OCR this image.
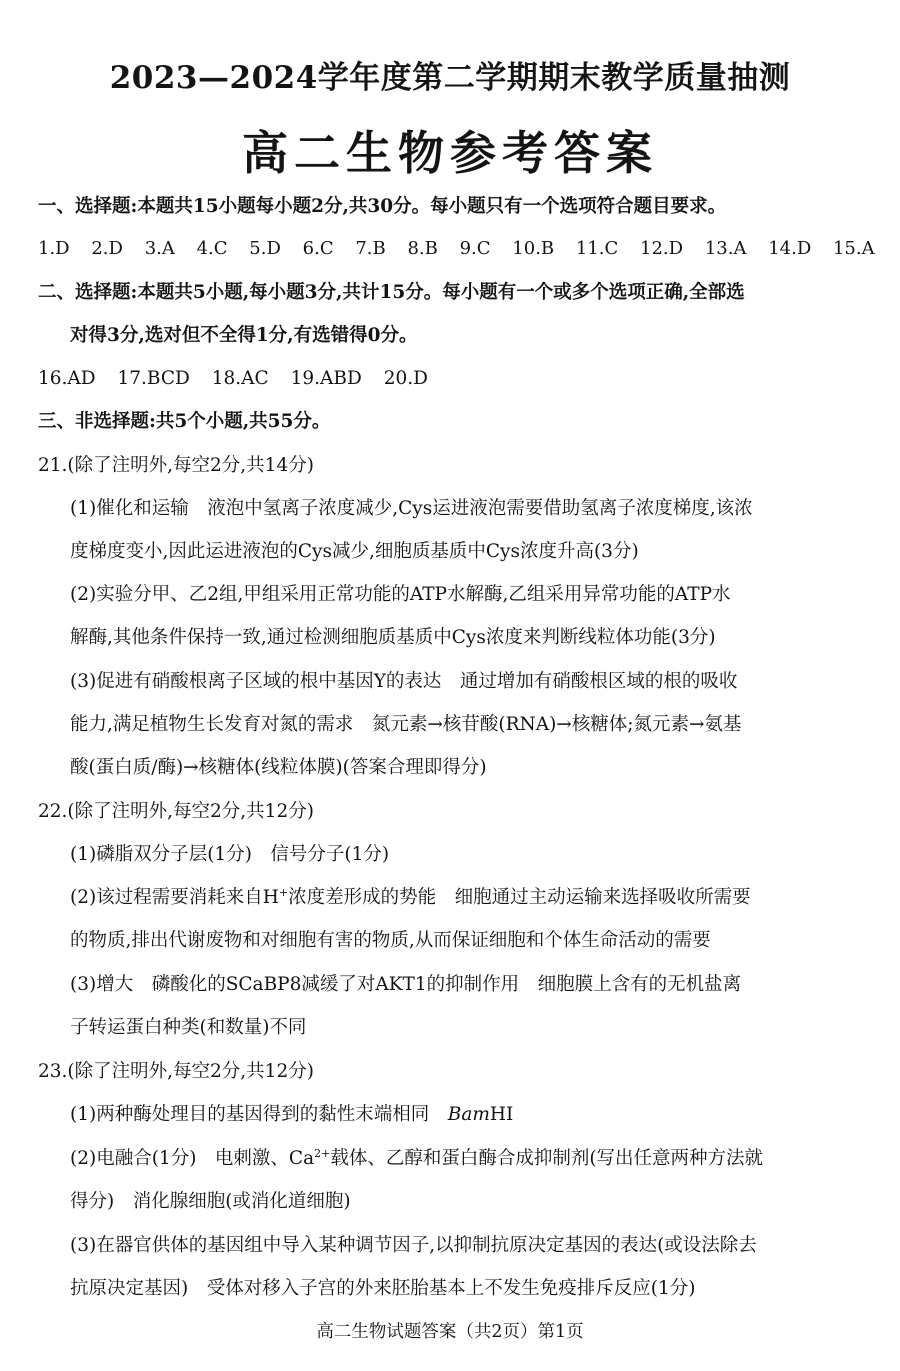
2023—2024学年度第二学期期末教学质量抽测
高二生物参考答案
一、选择题:本题共15小题每小题2分,共30分。每小题只有一个选项符合题目要求。
1.D 2.D 3.A 4.C 5.D 6.C 7.B 8.B 9.C 10.B 11.C 12.D 13.A 14.D 15.A
二、选择题:本题共5小题,每小题3分,共计15分。每小题有一个或多个选项正确,全部选
对得3分,选对但不全得1分,有选错得0分。
16.AD 17.BCD 18.AC 19.ABD 20.D
三、非选择题:共5个小题,共55分。
21.(除了注明外,每空2分,共14分)
(1)催化和运输　液泡中氢离子浓度减少,Cys运进液泡需要借助氢离子浓度梯度,该浓
度梯度变小,因此运进液泡的Cys减少,细胞质基质中Cys浓度升高(3分)
(2)实验分甲、乙2组,甲组采用正常功能的ATP水解酶,乙组采用异常功能的ATP水
解酶,其他条件保持一致,通过检测细胞质基质中Cys浓度来判断线粒体功能(3分)
(3)促进有硝酸根离子区域的根中基因Y的表达　通过增加有硝酸根区域的根的吸收
能力,满足植物生长发育对氮的需求　氮元素→核苷酸(RNA)→核糖体;氮元素→氨基
酸(蛋白质/酶)→核糖体(线粒体膜)(答案合理即得分)
22.(除了注明外,每空2分,共12分)
(1)磷脂双分子层(1分)　信号分子(1分)
(2)该过程需要消耗来自H+浓度差形成的势能　细胞通过主动运输来选择吸收所需要
的物质,排出代谢废物和对细胞有害的物质,从而保证细胞和个体生命活动的需要
(3)增大　磷酸化的SCaBP8减缓了对AKT1的抑制作用　细胞膜上含有的无机盐离
子转运蛋白种类(和数量)不同
23.(除了注明外,每空2分,共12分)
(1)两种酶处理目的基因得到的黏性末端相同　BamHⅠ
(2)电融合(1分)　电刺激、$Ca^{2+}$载体、乙醇和蛋白酶合成抑制剂(写出任意两种方法就
得分)　消化腺细胞(或消化道细胞)
(3)在器官供体的基因组中导入某种调节因子,以抑制抗原决定基因的表达(或设法除去
抗原决定基因)　受体对移入子宫的外来胚胎基本上不发生免疫排斥反应(1分)
高二生物试题答案（共2页）第1页
